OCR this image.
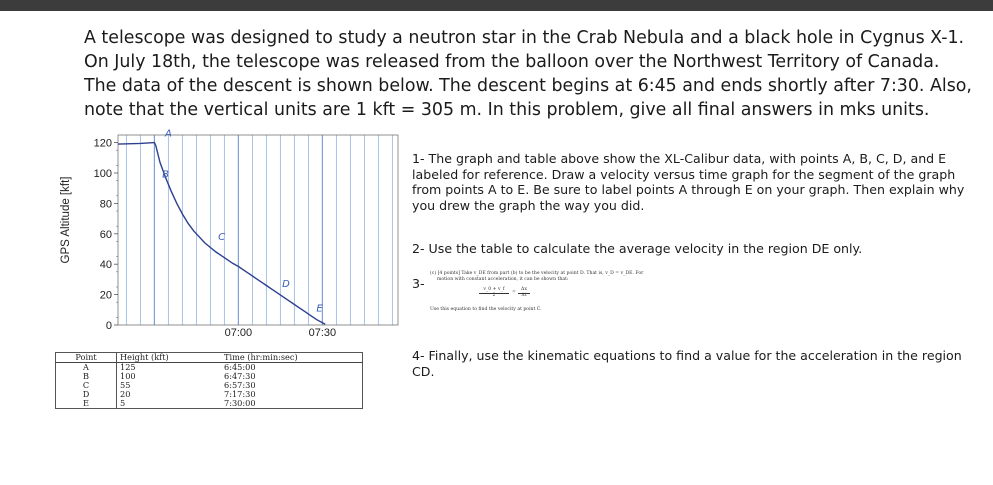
A telescope was designed to study a neutron star in the Crab Nebula and a black hole in Cygnus X-1.
On July 18th, the telescope was released from the balloon over the Northwest Territory of Canada.
The data of the descent is shown below. The descent begins at 6:45 and ends shortly after 7:30. Also,
note that the vertical units are 1 kft = 305 m. In this problem, give all final answers in mks units.
0
20
40
60
80
100
120
07:00	07:30
A
B
C
D
E
GPS Altitude [kft]
Point	Height (kft)	Time (hr:min:sec)
A	125	6:45:00
B	100	6:47:30
C	55	6:57:30
D	20	7:17:30
E	5	7:30:00
1- The graph and table above show the XL-Calibur data, with points A, B, C, D, and E labeled for reference. Draw a velocity versus time graph for the segment of the graph from points A to E. Be sure to label points A through E on your graph. Then explain why you drew the graph the way you did.
2- Use the table to calculate the average velocity in the region DE only.
3-
(c) [4 points] Take v_DE from part (b) to be the velocity at point D. That is, v_D = v_DE. For
motion with constant acceleration, it can be shown that:
v_0 + v_f
2
=
Δx
Δt
Use this equation to find the velocity at point C.
4- Finally, use the kinematic equations to find a value for the acceleration in the region CD.
